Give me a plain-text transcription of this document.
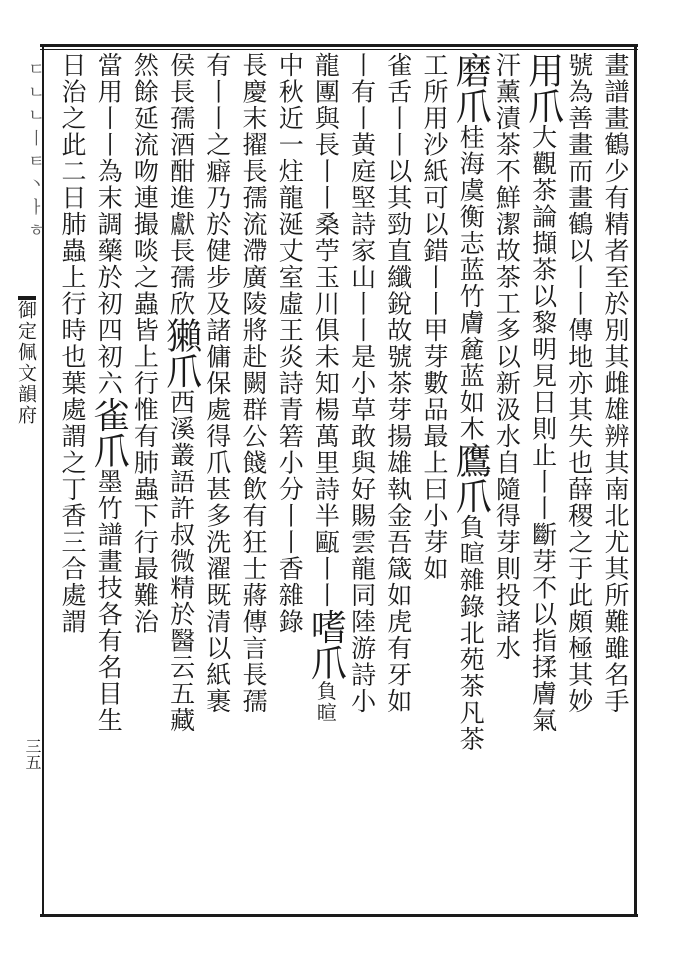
ㄷㄴㄴ丨ㅌ丶ㅏㅎ
御定佩文韻府
三五
畫譜畫鶴少有精者至於別其雌雄辨其南北尤其所難雖名手
號為善畫而畫鶴以丨丨傳地亦其失也薛稷之于此頗極其妙
用爪大觀茶論擷茶以黎明見日則止丨丨斷芽不以指揉膚氣
汗薰漬茶不鮮潔故茶工多以新汲水自隨得芽則投諸水
磨爪桂海虞衡志蓝竹膚麄蓝如木鷹爪負暄雜錄北苑茶凡茶
工所用沙紙可以錯丨丨甲芽數品最上曰小芽如
雀舌丨丨以其勁直纖銳故號茶芽揚雄執金吾箴如虎有牙如
丨有丨黃庭堅詩家山丨丨是小草敢與好賜雲龍同陸游詩小
龍團與長丨丨桑苧玉川俱未知楊萬里詩半甌丨丨嗜爪負暄
中秋近一炷龍涎丈室虛王炎詩青箬小分丨丨香雜錄
長慶末擢長孺流滯廣陵將赴闕群公餞飲有狂士蔣傳言長孺
有丨丨之癖乃於健步及諸傭保處得爪甚多洗濯既清以紙裹
侯長孺酒酣進獻長孺欣獺爪西溪叢語許叔微精於醫云五藏
然餘延流吻連撮啖之蟲皆上行惟有肺蟲下行最難治
當用丨丨為末調藥於初四初六雀爪墨竹譜畫技各有名目生
日治之此二日肺蟲上行時也葉處謂之丁香三合處謂
